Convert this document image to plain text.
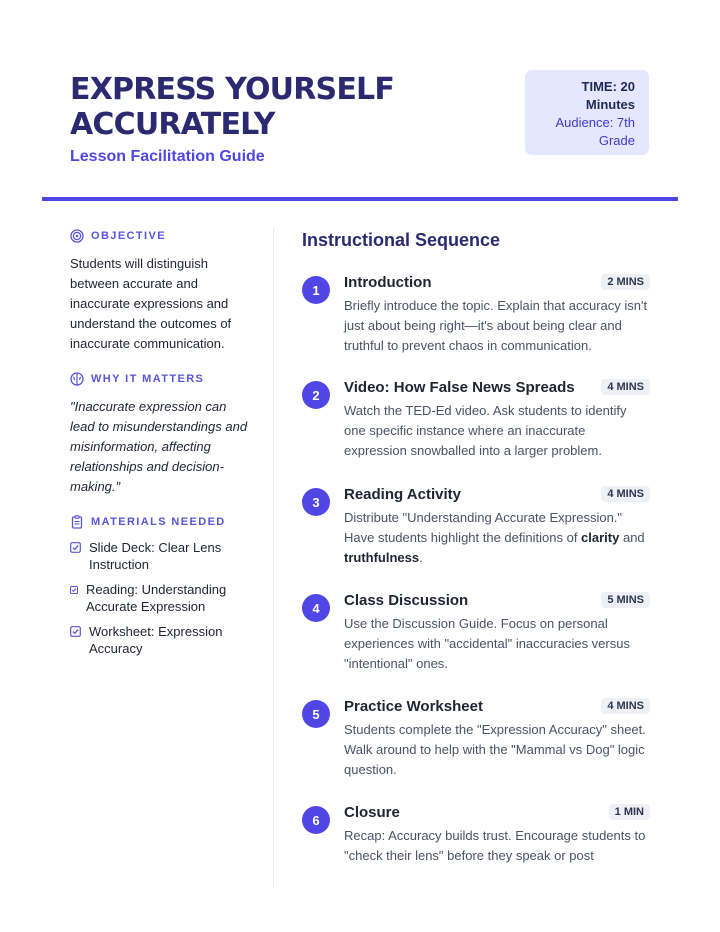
EXPRESS YOURSELF ACCURATELY
Lesson Facilitation Guide
TIME: 20 Minutes
Audience: 7th Grade
OBJECTIVE
Students will distinguish between accurate and inaccurate expressions and understand the outcomes of inaccurate communication.
WHY IT MATTERS
"Inaccurate expression can lead to misunderstandings and misinformation, affecting relationships and decision-making."
MATERIALS NEEDED
Slide Deck: Clear Lens Instruction
Reading: Understanding Accurate Expression
Worksheet: Expression Accuracy
Instructional Sequence
1	Introduction	2 MINS
Briefly introduce the topic. Explain that accuracy isn't just about being right—it's about being clear and truthful to prevent chaos in communication.
2	Video: How False News Spreads	4 MINS
Watch the TED-Ed video. Ask students to identify one specific instance where an inaccurate expression snowballed into a larger problem.
3	Reading Activity	4 MINS
Distribute "Understanding Accurate Expression." Have students highlight the definitions of clarity and truthfulness.
4	Class Discussion	5 MINS
Use the Discussion Guide. Focus on personal experiences with "accidental" inaccuracies versus "intentional" ones.
5	Practice Worksheet	4 MINS
Students complete the "Expression Accuracy" sheet. Walk around to help with the "Mammal vs Dog" logic question.
6	Closure	1 MIN
Recap: Accuracy builds trust. Encourage students to "check their lens" before they speak or post
